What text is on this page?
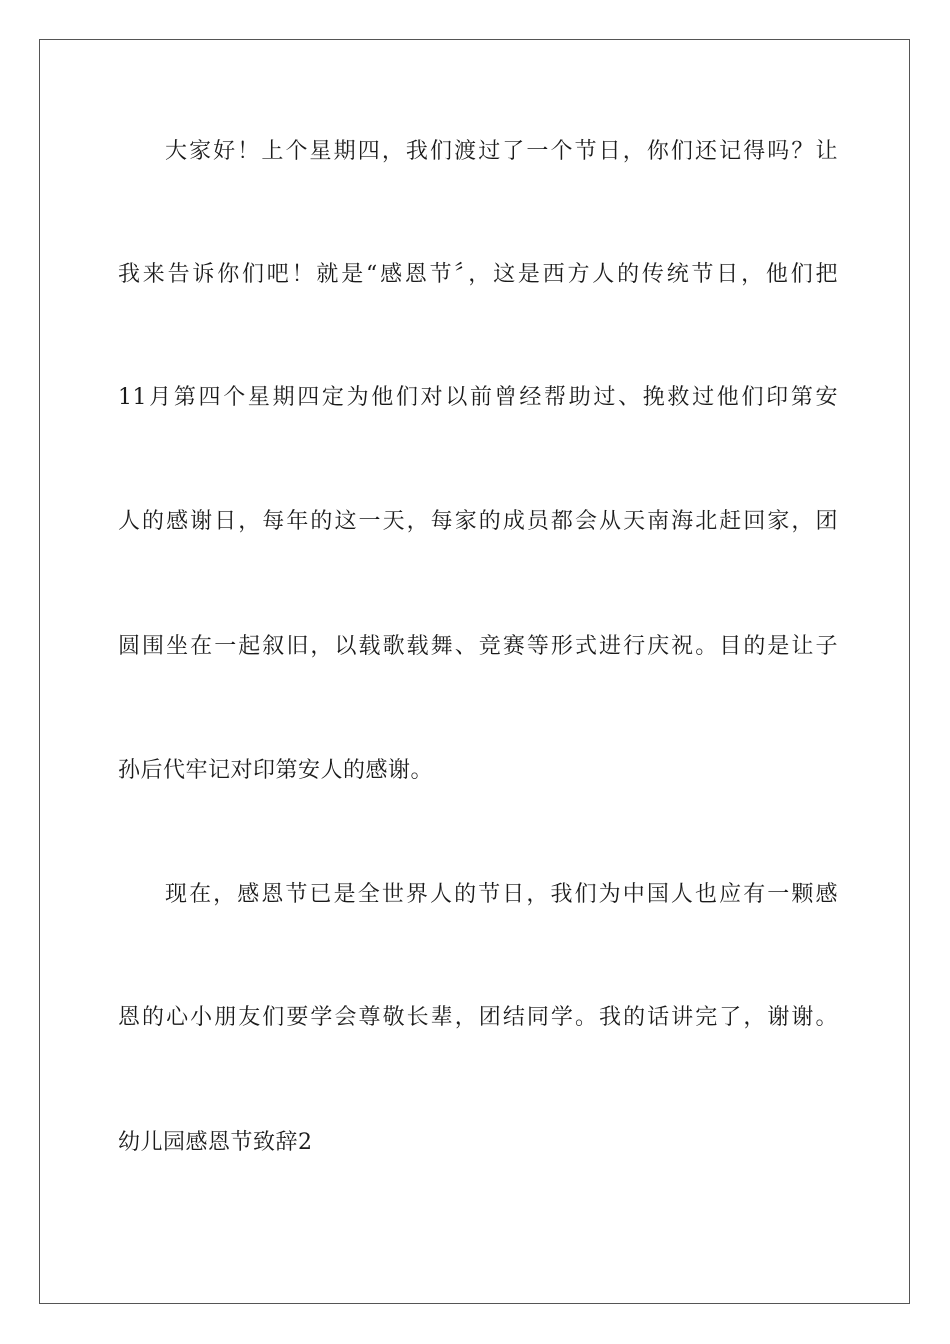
大家好！上个星期四，我们渡过了一个节日，你们还记得吗？让
我来告诉你们吧！就是“感恩节〞，这是西方人的传统节日，他们把
11月第四个星期四定为他们对以前曾经帮助过、挽救过他们印第安
人的感谢日，每年的这一天，每家的成员都会从天南海北赶回家，团
圆围坐在一起叙旧，以载歌载舞、竞赛等形式进行庆祝。目的是让子
孙后代牢记对印第安人的感谢。
现在，感恩节已是全世界人的节日，我们为中国人也应有一颗感
恩的心小朋友们要学会尊敬长辈，团结同学。我的话讲完了，谢谢。
幼儿园感恩节致辞2
